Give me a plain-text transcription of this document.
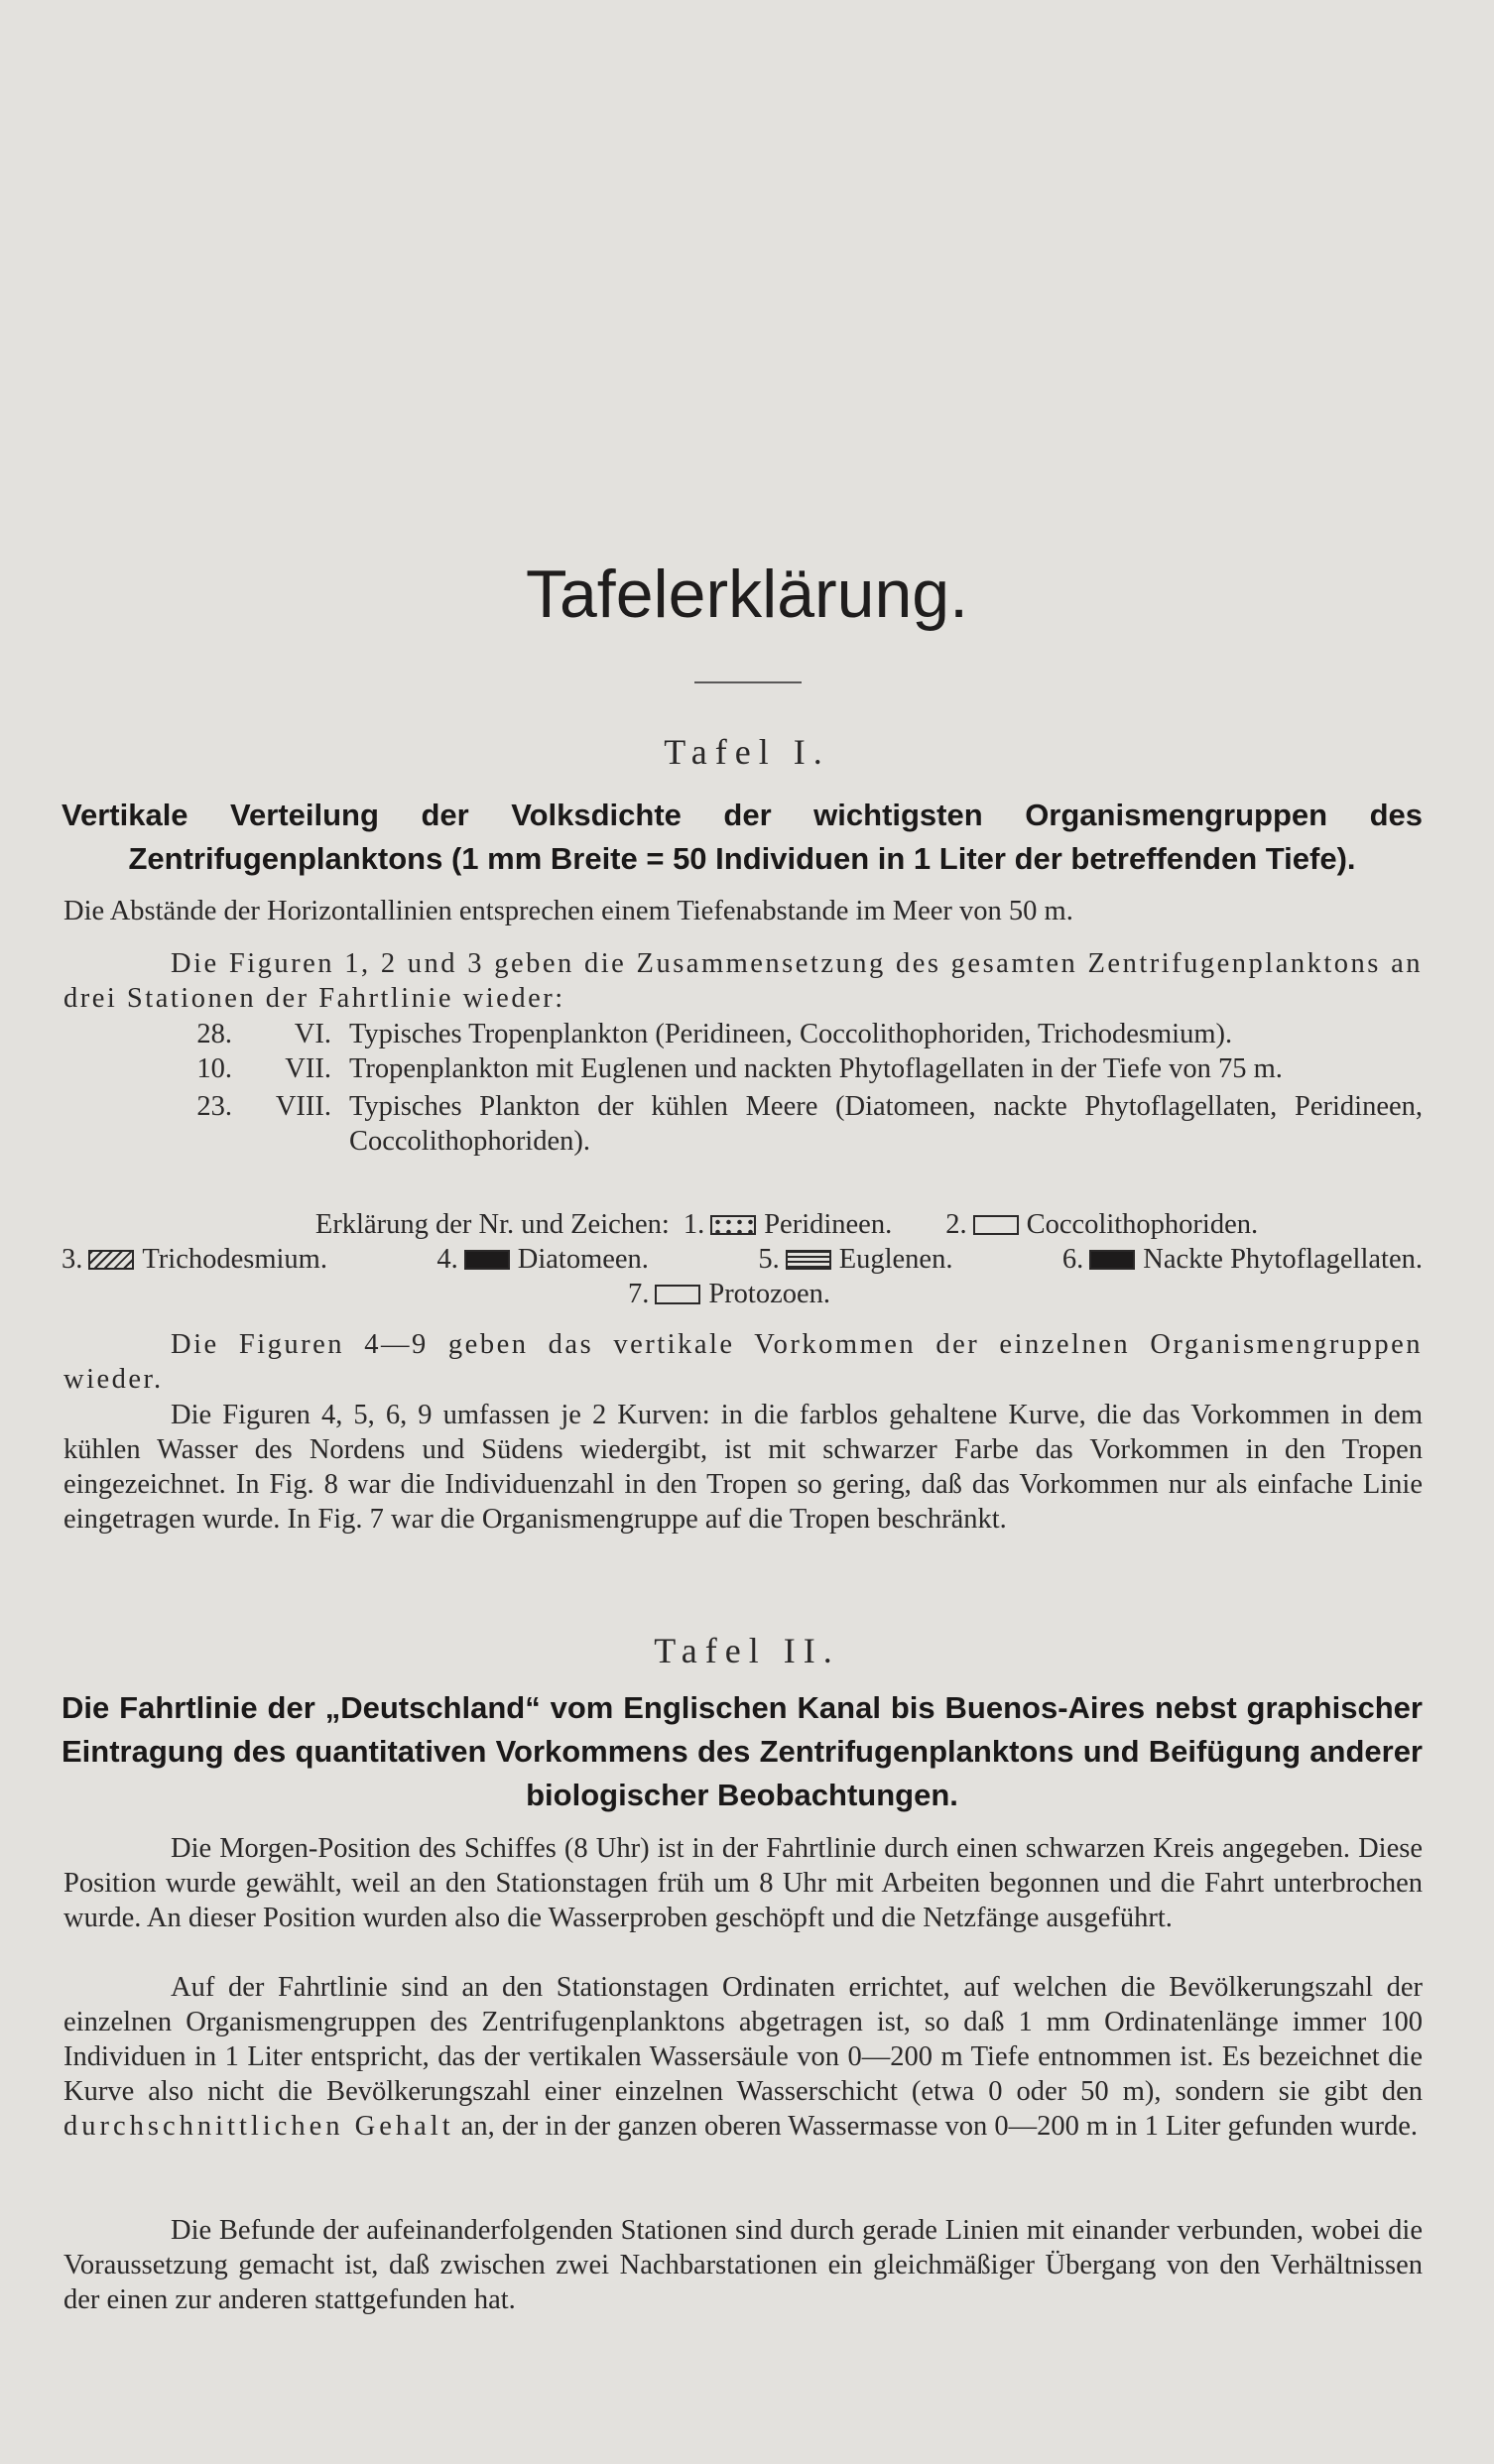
Tafelerklärung.
Tafel I.
Vertikale Verteilung der Volksdichte der wichtigsten Organismengruppen des Zentrifugenplanktons (1 mm Breite = 50 Individuen in 1 Liter der betreffenden Tiefe).
Die Abstände der Horizontallinien entsprechen einem Tiefenabstande im Meer von 50 m.
Die Figuren 1, 2 und 3 geben die Zusammensetzung des gesamten Zentrifugenplanktons an drei Stationen der Fahrtlinie wieder:
28.	VI. Typisches Tropenplankton (Peridineen, Coccolithophoriden, Trichodesmium).
10.	VII. Tropenplankton mit Euglenen und nackten Phytoflagellaten in der Tiefe von 75 m.
23.	VIII. Typisches Plankton der kühlen Meere (Diatomeen, nackte Phytoflagellaten, Peridineen, Coccolithophoriden).
Erklärung der Nr. und Zeichen: 1. Peridineen. 2. Coccolithophoriden.
3. Trichodesmium.	4. Diatomeen.	5. Euglenen.	6. Nackte Phytoflagellaten.
7. Protozoen.
Die Figuren 4—9 geben das vertikale Vorkommen der einzelnen Organismengruppen wieder.
Die Figuren 4, 5, 6, 9 umfassen je 2 Kurven: in die farblos gehaltene Kurve, die das Vorkommen in dem kühlen Wasser des Nordens und Südens wiedergibt, ist mit schwarzer Farbe das Vorkommen in den Tropen eingezeichnet. In Fig. 8 war die Individuenzahl in den Tropen so gering, daß das Vorkommen nur als einfache Linie eingetragen wurde. In Fig. 7 war die Organismengruppe auf die Tropen beschränkt.
Tafel II.
Die Fahrtlinie der „Deutschland“ vom Englischen Kanal bis Buenos-Aires nebst graphischer Eintragung des quantitativen Vorkommens des Zentrifugenplanktons und Beifügung anderer biologischer Beobachtungen.
Die Morgen-Position des Schiffes (8 Uhr) ist in der Fahrtlinie durch einen schwarzen Kreis angegeben. Diese Position wurde gewählt, weil an den Stationstagen früh um 8 Uhr mit Arbeiten begonnen und die Fahrt unterbrochen wurde. An dieser Position wurden also die Wasserproben geschöpft und die Netzfänge ausgeführt.
Auf der Fahrtlinie sind an den Stationstagen Ordinaten errichtet, auf welchen die Bevölkerungszahl der einzelnen Organismengruppen des Zentrifugenplanktons abgetragen ist, so daß 1 mm Ordinatenlänge immer 100 Individuen in 1 Liter entspricht, das der vertikalen Wassersäule von 0—200 m Tiefe entnommen ist. Es bezeichnet die Kurve also nicht die Bevölkerungszahl einer einzelnen Wasserschicht (etwa 0 oder 50 m), sondern sie gibt den durchschnittlichen Gehalt an, der in der ganzen oberen Wassermasse von 0—200 m in 1 Liter gefunden wurde.
Die Befunde der aufeinanderfolgenden Stationen sind durch gerade Linien mit einander verbunden, wobei die Voraussetzung gemacht ist, daß zwischen zwei Nachbarstationen ein gleichmäßiger Übergang von den Verhältnissen der einen zur anderen stattgefunden hat.
